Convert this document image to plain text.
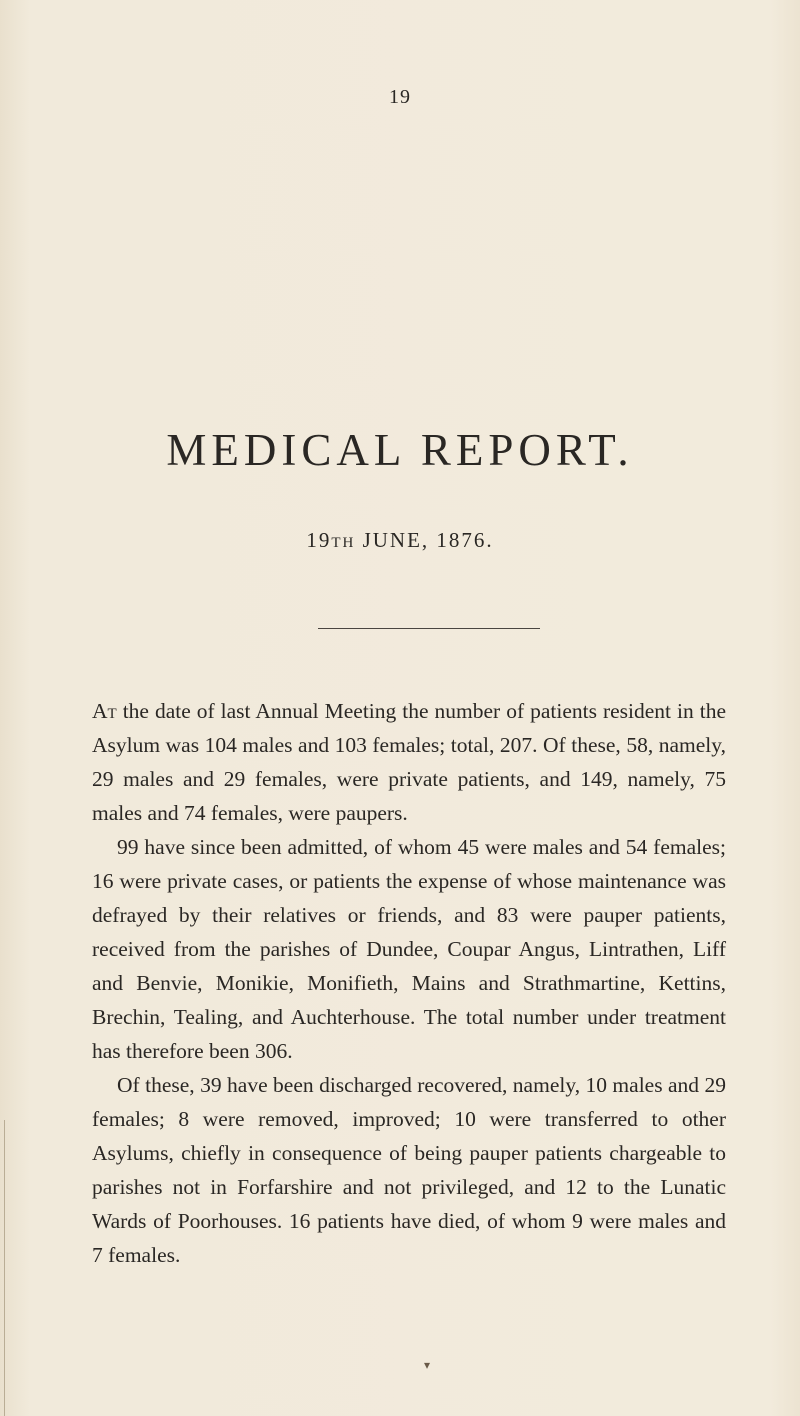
19
MEDICAL REPORT.
19TH JUNE, 1876.

At the date of last Annual Meeting the number of patients resident in the Asylum was 104 males and 103 females; total, 207. Of these, 58, namely, 29 males and 29 females, were private patients, and 149, namely, 75 males and 74 females, were paupers.

99 have since been admitted, of whom 45 were males and 54 females; 16 were private cases, or patients the expense of whose maintenance was defrayed by their relatives or friends, and 83 were pauper patients, received from the parishes of Dundee, Coupar Angus, Lintrathen, Liff and Benvie, Monikie, Monifieth, Mains and Strathmartine, Kettins, Brechin, Tealing, and Auchterhouse. The total number under treatment has therefore been 306.

Of these, 39 have been discharged recovered, namely, 10 males and 29 females; 8 were removed, improved; 10 were transferred to other Asylums, chiefly in consequence of being pauper patients chargeable to parishes not in Forfarshire and not privileged, and 12 to the Lunatic Wards of Poorhouses. 16 patients have died, of whom 9 were males and 7 females.

▾
